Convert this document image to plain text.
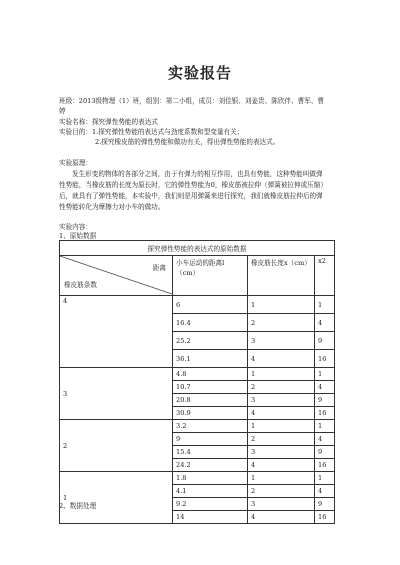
实验报告
班级：2013级物理（1）班，组别：第二小组，成员：刘佳银、刘姜贵、陈欣伴、曹军、曹
婷
实验名称：探究弹性势能的表达式
实验目的：1.探究弹性势能的表达式与劲度系数和型变量有关；
2.探究橡皮筋的弹性势能和做功有关，得出弹性势能的表达式。
实验原理：
发生形变的物体的各部分之间，由于有弹力的相互作用，也具有势能，这种势能叫做弹
性势能，当橡皮筋的长度为原长时，它的弹性势能为0，橡皮筋被拉伸（弹簧被拉伸或压缩）
后，就具有了弹性势能，本实验中，我们则是用弹簧来进行探究，我们就橡皮筋拉伸后的弹
性势能转化为摩擦力对小车的做功。
实验内容：
1、原始数据
探究弹性势能的表达式的原始数据			

距离
橡皮筋条数	小车运动的距离l（cm）	橡皮筋长度x（cm）	x2
4	6	1	1
	16.4	2	4
	25.2	3	9
	36.1	4	16
3	4.8	1	1
	10.7	2	4
	20.8	3	9
	30.9	4	16
2	3.2	1	1
	9	2	4
	15.4	3	9
	24.2	4	16
1	1.8	1	1
	4.1	2	4
	9.2	3	9
	14	4	16
2、数据处理
